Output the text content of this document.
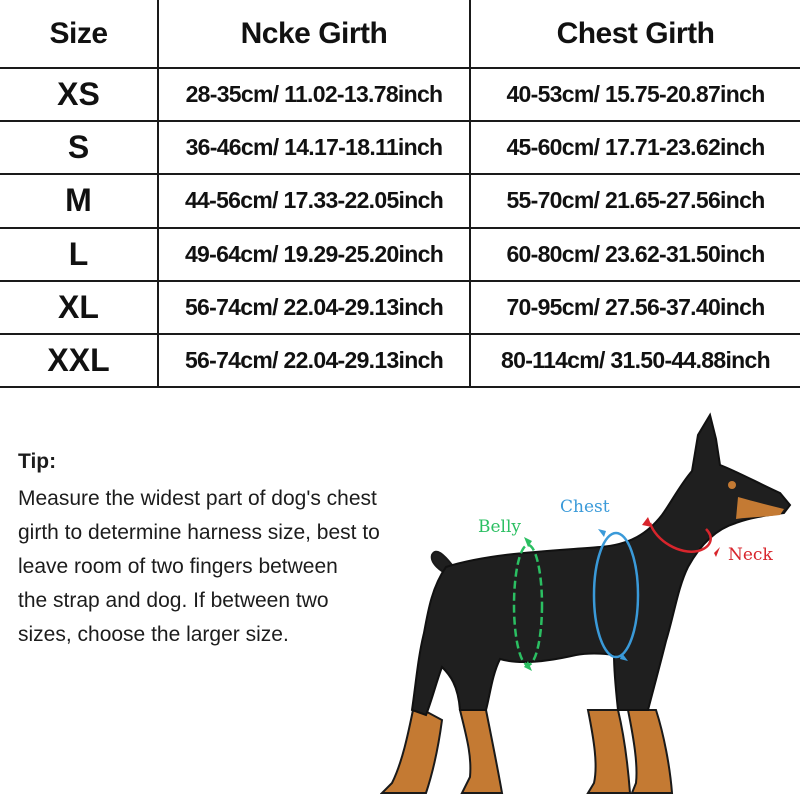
Size	Ncke Girth	Chest Girth
XS	28-35cm/ 11.02-13.78inch	40-53cm/ 15.75-20.87inch
S	36-46cm/ 14.17-18.11inch	45-60cm/ 17.71-23.62inch
M	44-56cm/ 17.33-22.05inch	55-70cm/ 21.65-27.56inch
L	49-64cm/ 19.29-25.20inch	60-80cm/ 23.62-31.50inch
XL	56-74cm/ 22.04-29.13inch	70-95cm/ 27.56-37.40inch
XXL	56-74cm/ 22.04-29.13inch	80-114cm/ 31.50-44.88inch
Tip:
Measure the widest part of dog's chest
girth to determine harness size, best to
leave room of two fingers between
the strap and dog. If between two
sizes, choose the larger size.
Belly
Chest
Neck
